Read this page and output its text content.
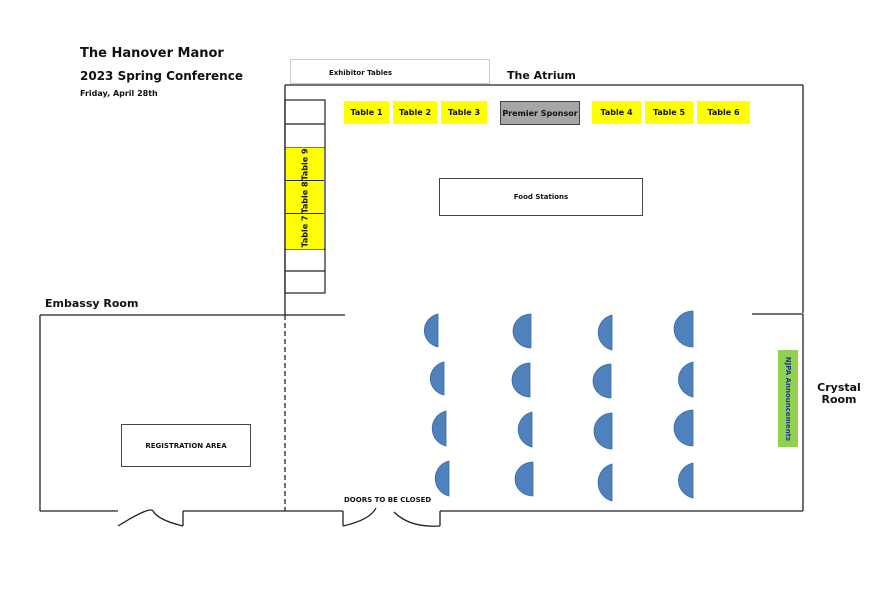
The Hanover Manor
2023 Spring Conference
Friday, April 28th
Exhibitor Tables	The Atrium
Embassy Room
Crystal
Room
Table 1	Table 2	Table 3	Premier Sponsor	Table 4	Table 5	Table 6
Table 9
Table 8
Table 7
Food Stations
REGISTRATION AREA
NJPA Announcements
DOORS TO BE CLOSED
